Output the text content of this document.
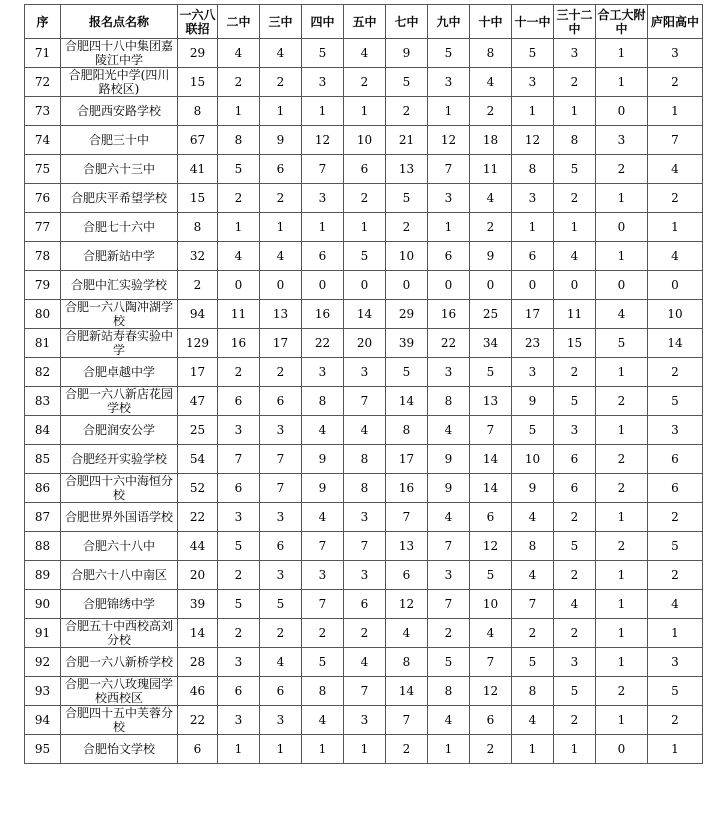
序	报名点名称	一六八联招	二中	三中	四中	五中	七中	九中	十中	十一中	三十二中	合工大附中	庐阳高中
71	合肥四十八中集团嘉陵江中学	29	4	4	5	4	9	5	8	5	3	1	3
72	合肥阳光中学(四川路校区)	15	2	2	3	2	5	3	4	3	2	1	2
73	合肥西安路学校	8	1	1	1	1	2	1	2	1	1	0	1
74	合肥三十中	67	8	9	12	10	21	12	18	12	8	3	7
75	合肥六十三中	41	5	6	7	6	13	7	11	8	5	2	4
76	合肥庆平希望学校	15	2	2	3	2	5	3	4	3	2	1	2
77	合肥七十六中	8	1	1	1	1	2	1	2	1	1	0	1
78	合肥新站中学	32	4	4	6	5	10	6	9	6	4	1	4
79	合肥中汇实验学校	2	0	0	0	0	0	0	0	0	0	0	0
80	合肥一六八陶冲湖学校	94	11	13	16	14	29	16	25	17	11	4	10
81	合肥新站寿春实验中学	129	16	17	22	20	39	22	34	23	15	5	14
82	合肥卓越中学	17	2	2	3	3	5	3	5	3	2	1	2
83	合肥一六八新店花园学校	47	6	6	8	7	14	8	13	9	5	2	5
84	合肥润安公学	25	3	3	4	4	8	4	7	5	3	1	3
85	合肥经开实验学校	54	7	7	9	8	17	9	14	10	6	2	6
86	合肥四十六中海恒分校	52	6	7	9	8	16	9	14	9	6	2	6
87	合肥世界外国语学校	22	3	3	4	3	7	4	6	4	2	1	2
88	合肥六十八中	44	5	6	7	7	13	7	12	8	5	2	5
89	合肥六十八中南区	20	2	3	3	3	6	3	5	4	2	1	2
90	合肥锦绣中学	39	5	5	7	6	12	7	10	7	4	1	4
91	合肥五十中西校高刘分校	14	2	2	2	2	4	2	4	2	2	1	1
92	合肥一六八新桥学校	28	3	4	5	4	8	5	7	5	3	1	3
93	合肥一六八玫瑰园学校西校区	46	6	6	8	7	14	8	12	8	5	2	5
94	合肥四十五中芙蓉分校	22	3	3	4	3	7	4	6	4	2	1	2
95	合肥怡文学校	6	1	1	1	1	2	1	2	1	1	0	1
